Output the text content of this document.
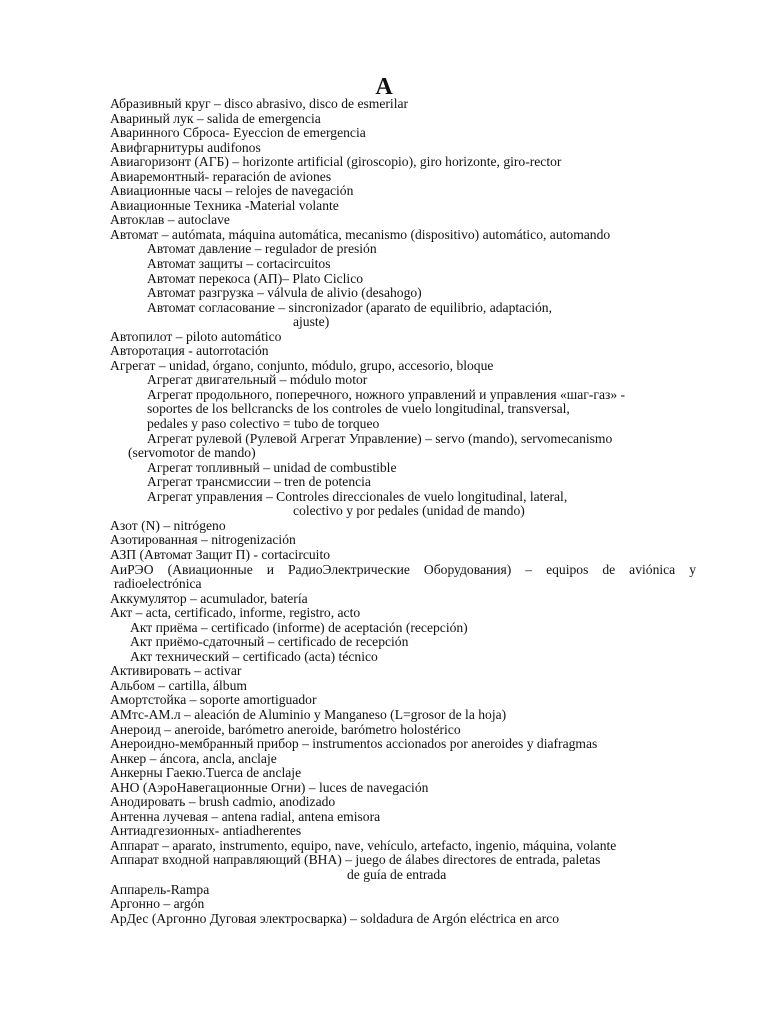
А
Абразивный круг – disco abrasivo, disco de esmerilar
Авариный лук – salida de emergencia
Аваринного Сброса- Eyeccion de emergencia
Авифгарнитуры audifonos
Авиагоризонт (АГБ) – horizonte artificial (giroscopio), giro horizonte, giro-rector
Авиаремонтный- reparación de aviones
Авиационные часы – relojes de navegación
Авиационные Техника -Material volante
Автоклав – autoclave
Автомат – autómata, máquina automática, mecanismo (dispositivo) automático, automando
Автомат давление – regulador de presión
Автомат защиты – cortacircuitos
Автомат перекоса (АП)– Plato Ciclico
Автомат разгрузка – válvula de alivio (desahogo)
Автомат согласование – sincronizador (aparato de equilibrio, adaptación,
ajuste)
Автопилот – piloto automático
Авторотация - autorrotación
Агрегат – unidad, órgano, conjunto, módulo, grupo, accesorio, bloque
Агрегат двигательный – módulo motor
Агрегат продольного, поперечного, ножного управлений и управления «шаг-газ» -
soportes de los bellcrancks de los controles de vuelo longitudinal, transversal,
pedales y paso colectivo = tubo de torqueo
Агрегат рулевой (Рулевой Агрегат Управление) – servo (mando), servomecanismo
(servomotor de mando)
Агрегат топливный – unidad de combustible
Агрегат трансмиссии – tren de potencia
Агрегат управления – Controles direccionales de vuelo longitudinal, lateral,
colectivo y por pedales (unidad de mando)
Азот (N) – nitrógeno
Азотированная – nitrogenización
АЗП (Автомат Защит П) - cortacircuito
АиРЭО (Авиационные и РадиоЭлектрические Оборудования) – equipos de aviónica y
radioelectrónica
Аккумулятор – acumulador, batería
Акт – acta, certificado, informe, registro, acto
Акт приёма – certificado (informe) de aceptación (recepción)
Акт приёмо-сдаточный – certificado de recepción
Акт технический – certificado (acta) técnico
Активировать – activar
Альбом – cartilla, álbum
Амортстойка – soporte amortiguador
АМтс-АМ.л – aleación de Aluminio y Manganeso (L=grosor de la hoja)
Анероид – aneroide, barómetro aneroide, barómetro holostérico
Анероидно-мембранный прибор – instrumentos accionados por aneroides y diafragmas
Анкер – áncora, ancla, anclaje
Анкерны Гаекю.Tuerca de anclaje
АНО (АэроНавегационные Огни) – luces de navegación
Анодировать – brush cadmio, anodizado
Антенна лучевая – antena radial, antena emisora
Антиадгезионных- antiadherentes
Аппарат – aparato, instrumento, equipo, nave, vehículo, artefacto, ingenio, máquina, volante
Аппарат входной направляющий (ВНА) – juego de álabes directores de entrada, paletas
de guía de entrada
Аппарель-Rampa
Аргонно – argón
АрДес (Аргонно Дуговая электросварка) – soldadura de Argón eléctrica en arco
